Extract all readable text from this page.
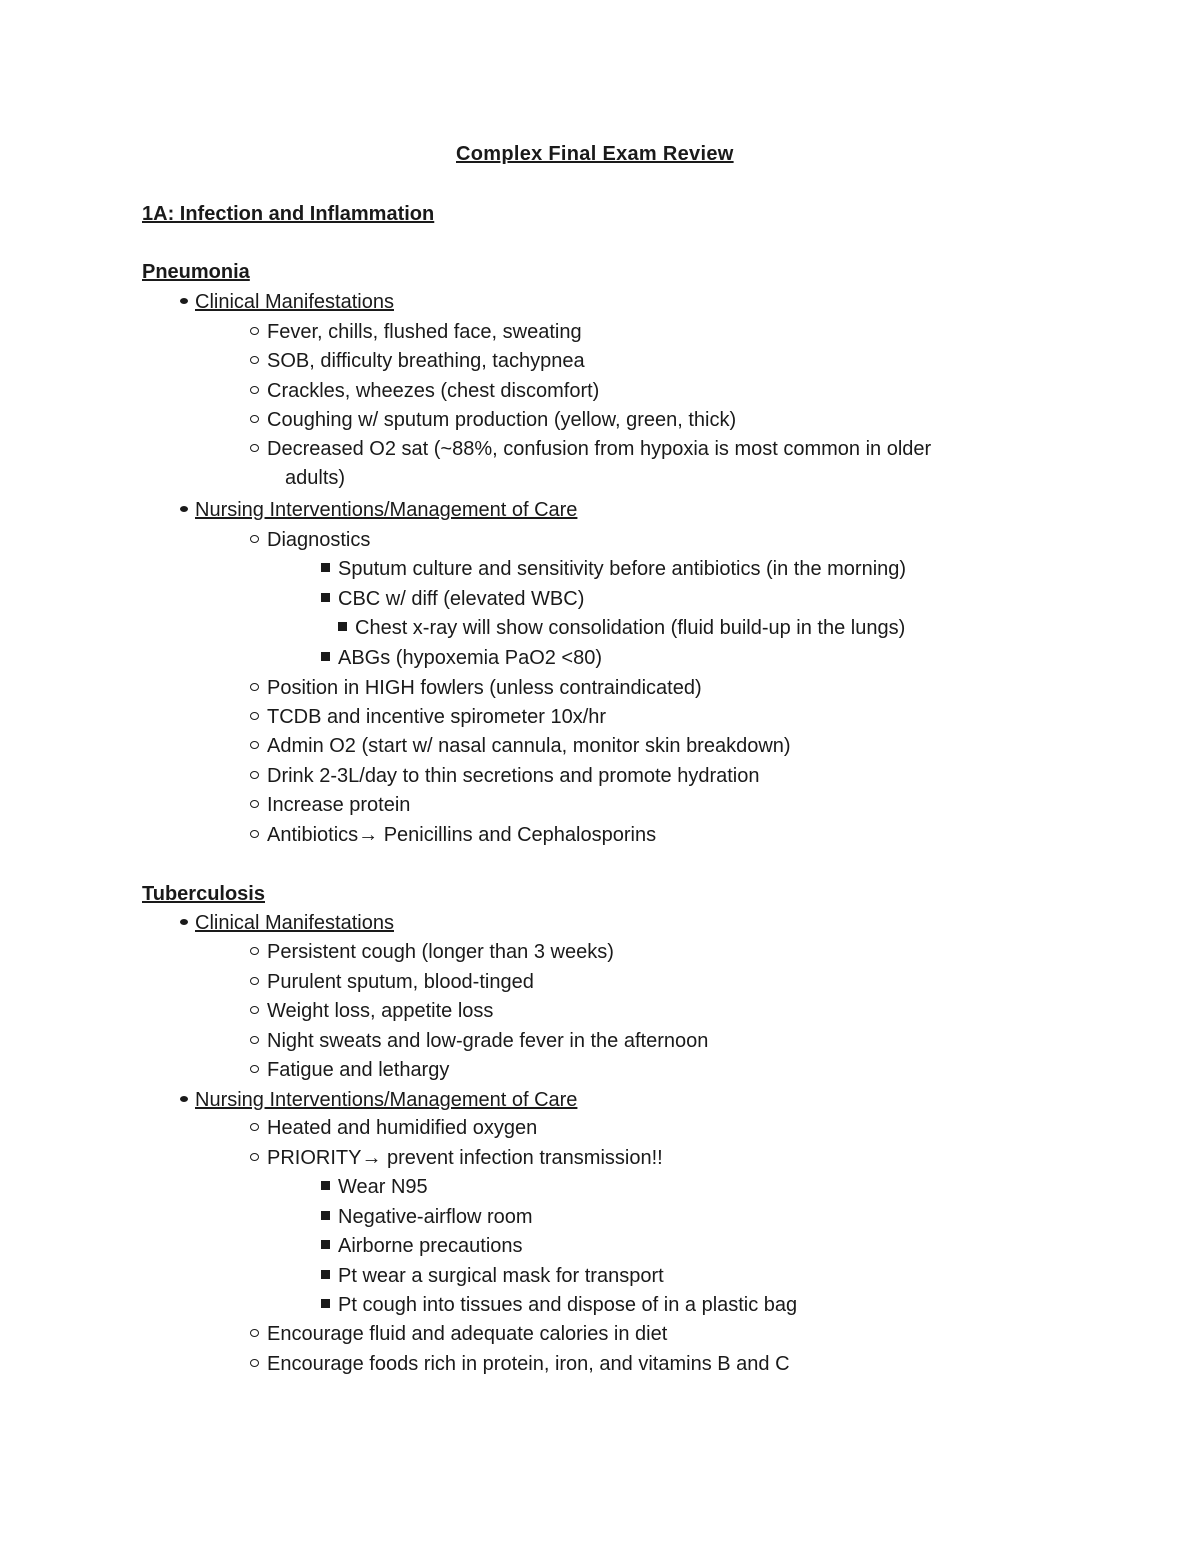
Complex Final Exam Review
1A: Infection and Inflammation
Pneumonia
Clinical Manifestations
Fever, chills, flushed face, sweating
SOB, difficulty breathing, tachypnea
Crackles, wheezes (chest discomfort)
Coughing w/ sputum production (yellow, green, thick)
Decreased O2 sat (~88%, confusion from hypoxia is most common in older
adults)
Nursing Interventions/Management of Care
Diagnostics
Sputum culture and sensitivity before antibiotics (in the morning)
CBC w/ diff (elevated WBC)
Chest x-ray will show consolidation (fluid build-up in the lungs)
ABGs (hypoxemia PaO2 <80)
Position in HIGH fowlers (unless contraindicated)
TCDB and incentive spirometer 10x/hr
Admin O2 (start w/ nasal cannula, monitor skin breakdown)
Drink 2-3L/day to thin secretions and promote hydration
Increase protein
Antibiotics→ Penicillins and Cephalosporins
Tuberculosis
Clinical Manifestations
Persistent cough (longer than 3 weeks)
Purulent sputum, blood-tinged
Weight loss, appetite loss
Night sweats and low-grade fever in the afternoon
Fatigue and lethargy
Nursing Interventions/Management of Care
Heated and humidified oxygen
PRIORITY→ prevent infection transmission!!
Wear N95
Negative-airflow room
Airborne precautions
Pt wear a surgical mask for transport
Pt cough into tissues and dispose of in a plastic bag
Encourage fluid and adequate calories in diet
Encourage foods rich in protein, iron, and vitamins B and C
